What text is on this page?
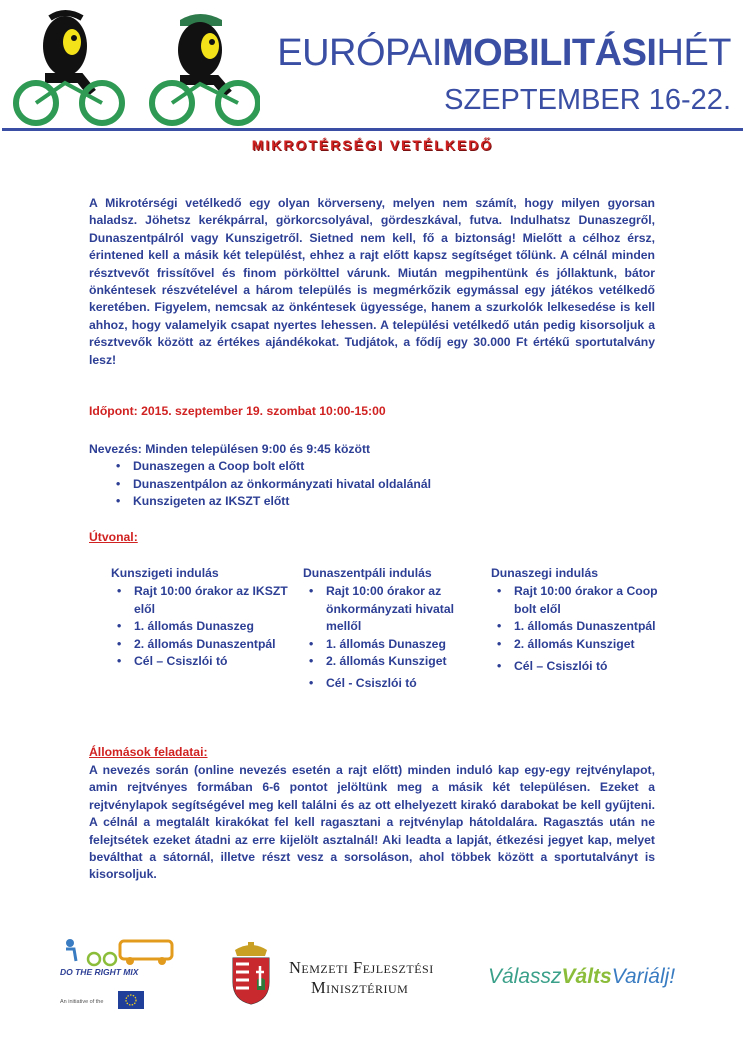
EURÓPAIMOBILITÁSIHÉT
SZEPTEMBER 16-22.
MIKROTÉRSÉGI VETÉLKEDŐ

A Mikrotérségi vetélkedő egy olyan körverseny, melyen nem számít, hogy milyen gyorsan haladsz. Jöhetsz kerékpárral, görkorcsolyával, gördeszkával, futva. Indulhatsz Dunaszegről, Dunaszentpálról vagy Kunszigetről. Sietned nem kell, fő a biztonság! Mielőtt a célhoz érsz, érintened kell a másik két települést, ehhez a rajt előtt kapsz segítséget tőlünk. A célnál minden résztvevőt frissítővel és finom pörkölttel várunk. Miután megpihentünk és jóllaktunk, bátor önkéntesek részvételével a három település is megmérkőzik egymással egy játékos vetélkedő keretében. Figyelem, nemcsak az önkéntesek ügyessége, hanem a szurkolók lelkesedése is kell ahhoz, hogy valamelyik csapat nyertes lehessen. A települési vetélkedő után pedig kisorsoljuk a résztvevők között az értékes ajándékokat. Tudjátok, a fődíj egy 30.000 Ft értékű sportutalvány lesz!

Időpont: 2015. szeptember 19. szombat 10:00-15:00
Nevezés: Minden településen 9:00 és 9:45 között
• Dunaszegen a Coop bolt előtt
• Dunaszentpálon az önkormányzati hivatal oldalánál
• Kunszigeten az IKSZT előtt
Útvonal:
Kunszigeti indulás
• Rajt 10:00 órakor az IKSZT elől
• 1. állomás Dunaszeg
• 2. állomás Dunaszentpál
• Cél – Csiszlói tó
Dunaszentpáli indulás
• Rajt 10:00 órakor az önkormányzati hivatal mellől
• 1. állomás Dunaszeg
• 2. állomás Kunsziget
• Cél - Csiszlói tó
Dunaszegi indulás
• Rajt 10:00 órakor a Coop bolt elől
• 1. állomás Dunaszentpál
• 2. állomás Kunsziget
• Cél – Csiszlói tó
Állomások feladatai:

A nevezés során (online nevezés esetén a rajt előtt) minden induló kap egy-egy rejtvénylapot, amin rejtvényes formában 6-6 pontot jelöltünk meg a másik két településen. Ezeket a rejtvénylapok segítségével meg kell találni és az ott elhelyezett kirakó darabokat be kell gyűjteni. A célnál a megtalált kirakókat fel kell ragasztani a rejtvénylap hátoldalára. Ragasztás után ne felejtsétek ezeket átadni az erre kijelölt asztalnál! Aki leadta a lapját, étkezési jegyet kap, melyet beválthat a sátornál, illetve részt vesz a sorsoláson, ahol többek között a sportutalványt is kisorsoljuk.

DO THE RIGHT MIX
An initiative of the
Nemzeti Fejlesztési
Minisztérium	VálasszVáltsVariálj!
